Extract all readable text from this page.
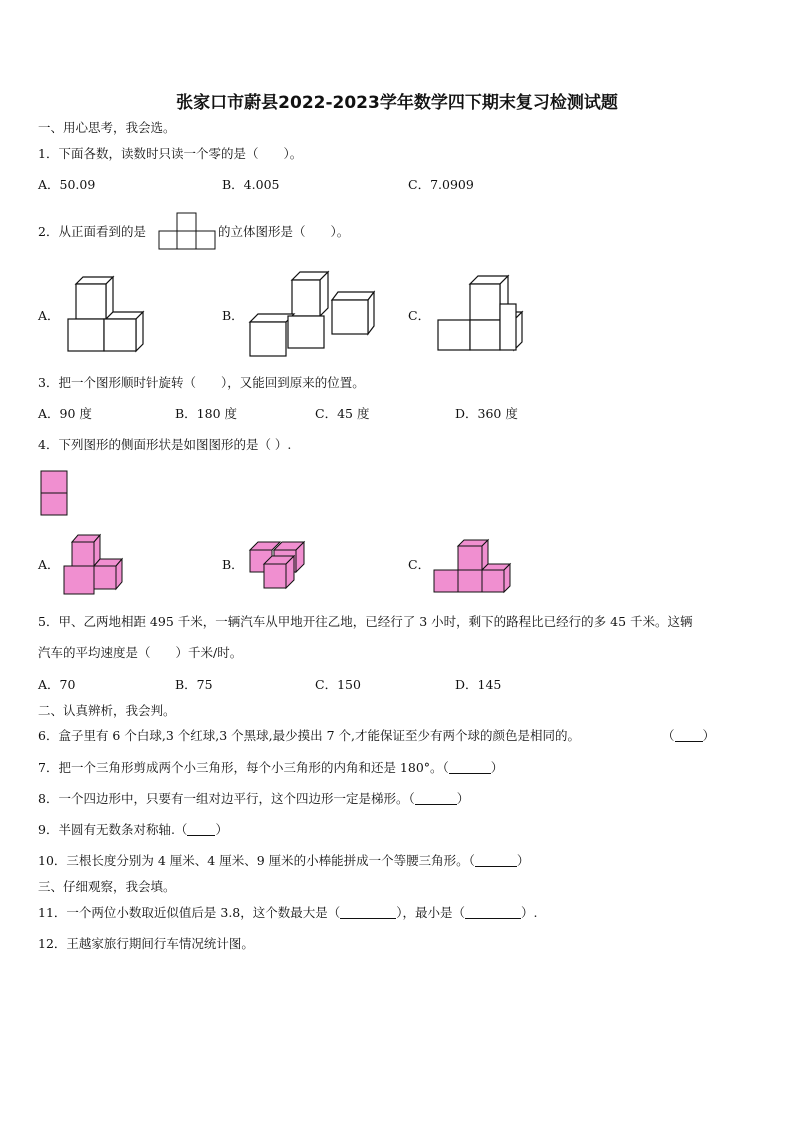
张家口市蔚县2022-2023学年数学四下期末复习检测试题
一、用心思考，我会选。
1．下面各数，读数时只读一个零的是（　　）。
A．50.09	B．4.005	C．7.0909
2．从正面看到的是	的立体图形是（　　）。
A．	B．	C．
3．把一个图形顺时针旋转（　　），又能回到原来的位置。
A．90 度	B．180 度	C．45 度	D．360 度
4．下列图形的侧面形状是如图图形的是（ ）.
A．	B．	C．
5．甲、乙两地相距 495 千米，一辆汽车从甲地开往乙地，已经行了 3 小时，剩下的路程比已经行的多 45 千米。这辆
汽车的平均速度是（　　）千米/时。
A．70	B．75	C．150	D．145
二、认真辨析，我会判。
6．盒子里有 6 个白球,3 个红球,3 个黑球,最少摸出 7 个,才能保证至少有两个球的颜色是相同的。	（ ）
7．把一个三角形剪成两个小三角形，每个小三角形的内角和还是 180°。（	）
8．一个四边形中，只要有一组对边平行，这个四边形一定是梯形。（	）
9．半圆有无数条对称轴.（ ）
10．三根长度分别为 4 厘米、4 厘米、9 厘米的小棒能拼成一个等腰三角形。（	）
三、仔细观察，我会填。
11．一个两位小数取近似值后是 3.8，这个数最大是（	），最小是（	）.
12．王越家旅行期间行车情况统计图。
